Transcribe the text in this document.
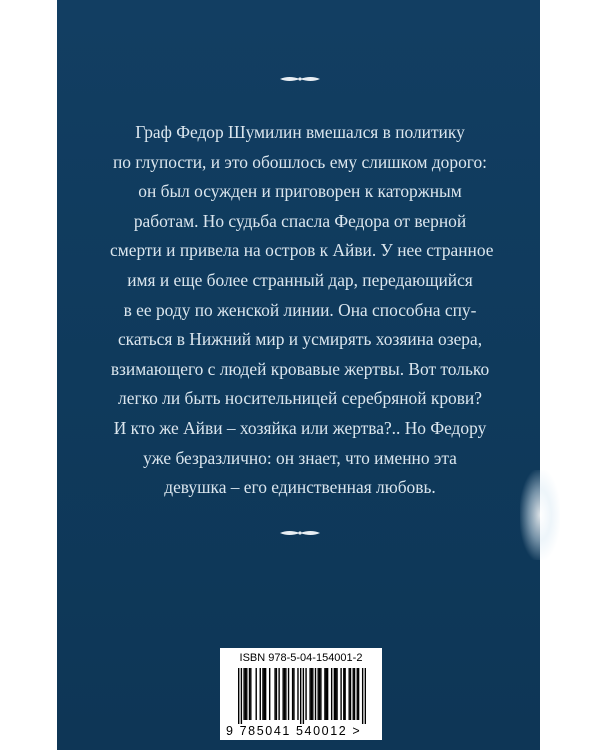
Граф Федор Шумилин вмешался в политику
по глупости, и это обошлось ему слишком дорого:
он был осужден и приговорен к каторжным
работам. Но судьба спасла Федора от верной
смерти и привела на остров к Айви. У нее странное
имя и еще более странный дар, передающийся
в ее роду по женской линии. Она способна спу-
скаться в Нижний мир и усмирять хозяина озера,
взимающего с людей кровавые жертвы. Вот только
легко ли быть носительницей серебряной крови?
И кто же Айви – хозяйка или жертва?.. Но Федору
уже безразлично: он знает, что именно эта
девушка – его единственная любовь.
ISBN 978-5-04-154001-2
9 785041 540012 >
